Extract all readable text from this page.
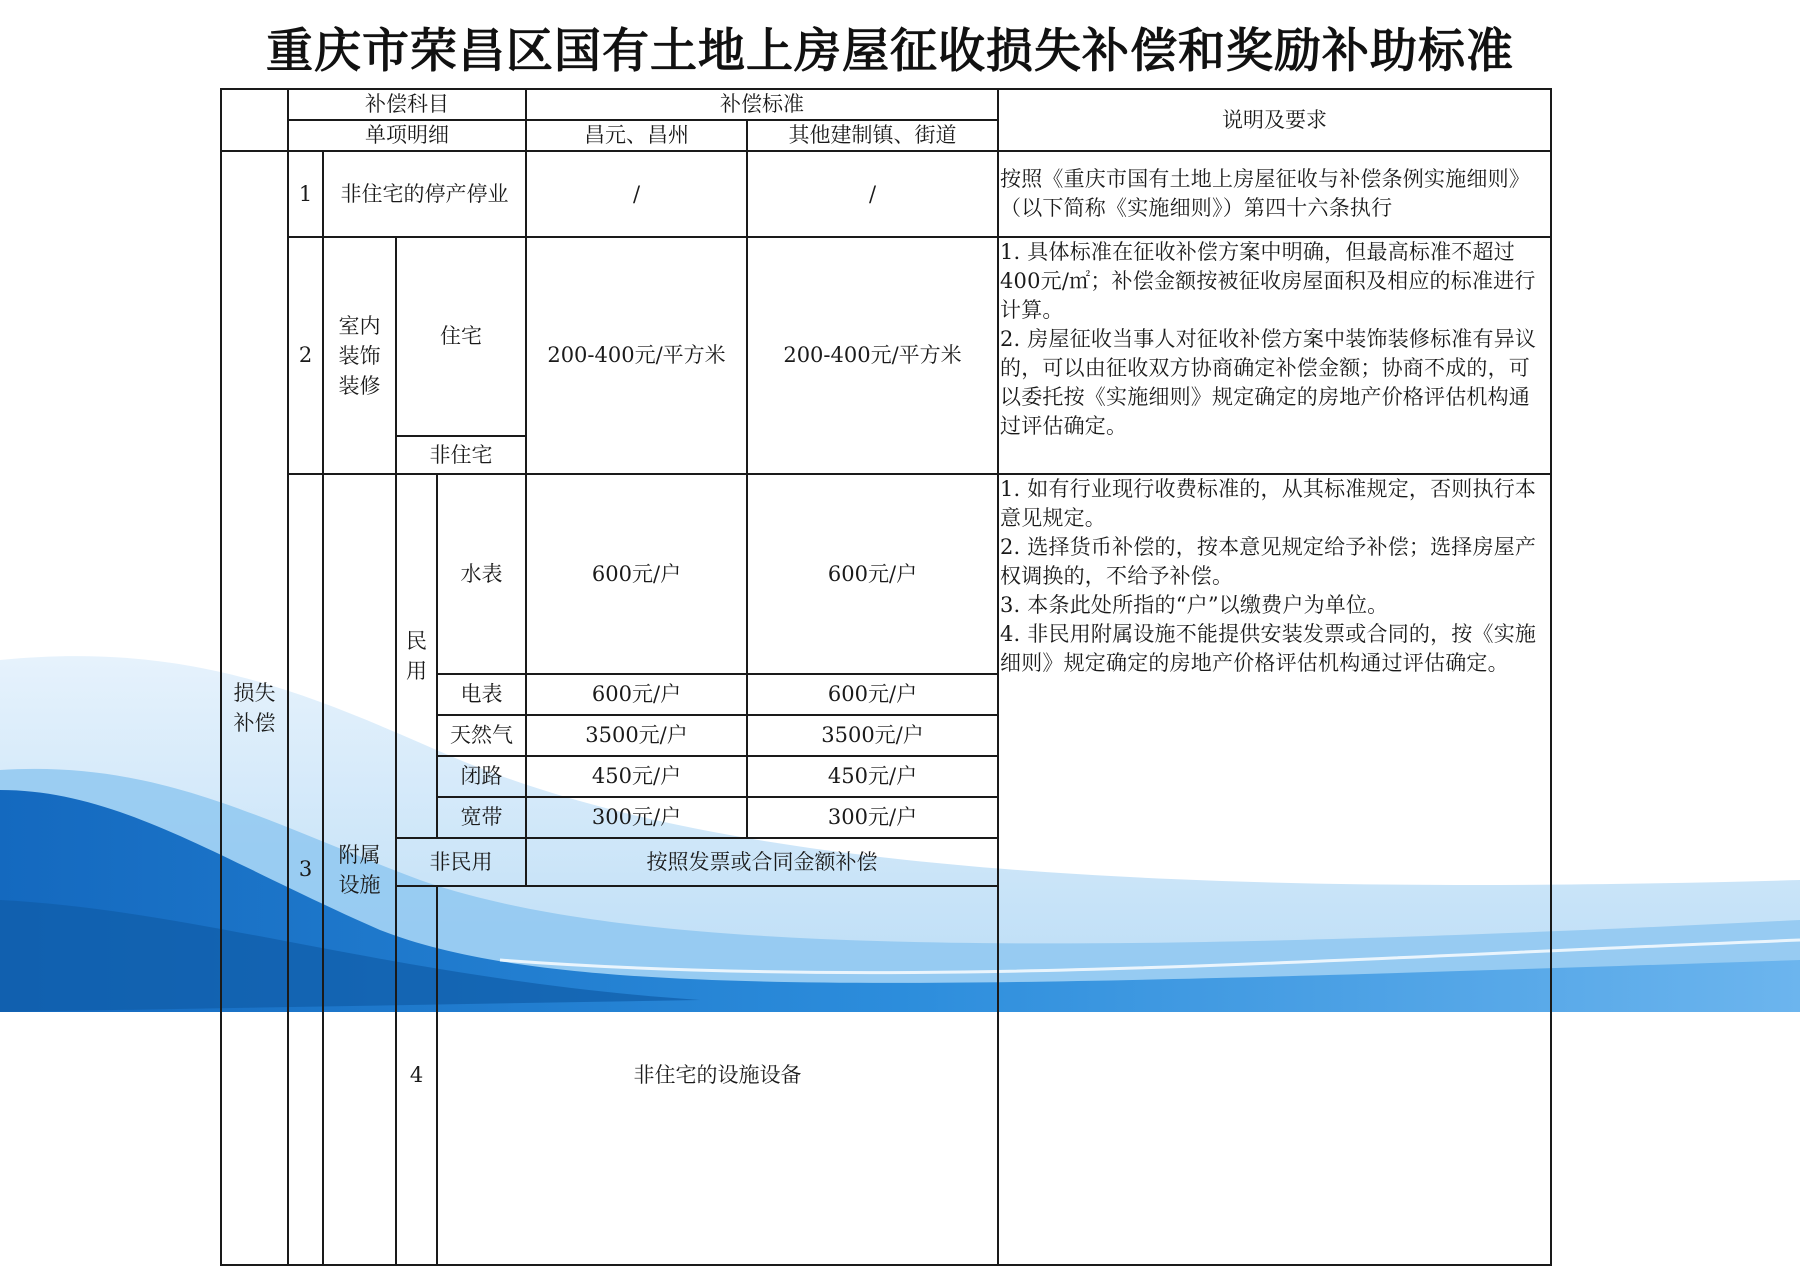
重庆市荣昌区国有土地上房屋征收损失补偿和奖励补助标准
	补偿科目				补偿标准		说明及要求	
	单项明细				昌元、昌州	其他建制镇、街道		
损失补偿	1	非住宅的停产停业			/	/	按照《重庆市国有土地上房屋征收与补偿条例实施细则》（以下简称《实施细则》）第四十六条执行	
	2	室内装饰装修	住宅		200-400元/平方米	200-400元/平方米	1. 具体标准在征收补偿方案中明确，但最高标准不超过400元/㎡；补偿金额按被征收房屋面积及相应的标准进行计算。

2. 房屋征收当事人对征收补偿方案中装饰装修标准有异议的，可以由征收双方协商确定补偿金额；协商不成的，可以委托按《实施细则》规定确定的房地产价格评估机构通过评估确定。	

			非住宅					
	3	附属设施	民用	水表	600元/户	600元/户	1. 如有行业现行收费标准的，从其标准规定，否则执行本意见规定。

2. 选择货币补偿的，按本意见规定给予补偿；选择房屋产权调换的，不给予补偿。

3. 本条此处所指的“户”以缴费户为单位。

4. 非民用附属设施不能提供安装发票或合同的，按《实施细则》规定确定的房地产价格评估机构通过评估确定。	

				电表	600元/户	600元/户		
				天然气	3500元/户	3500元/户		
				闭路	450元/户	450元/户		
				宽带	300元/户	300元/户		
			非民用		按照发票或合同金额补偿			
			4	非住宅的设施设备			
